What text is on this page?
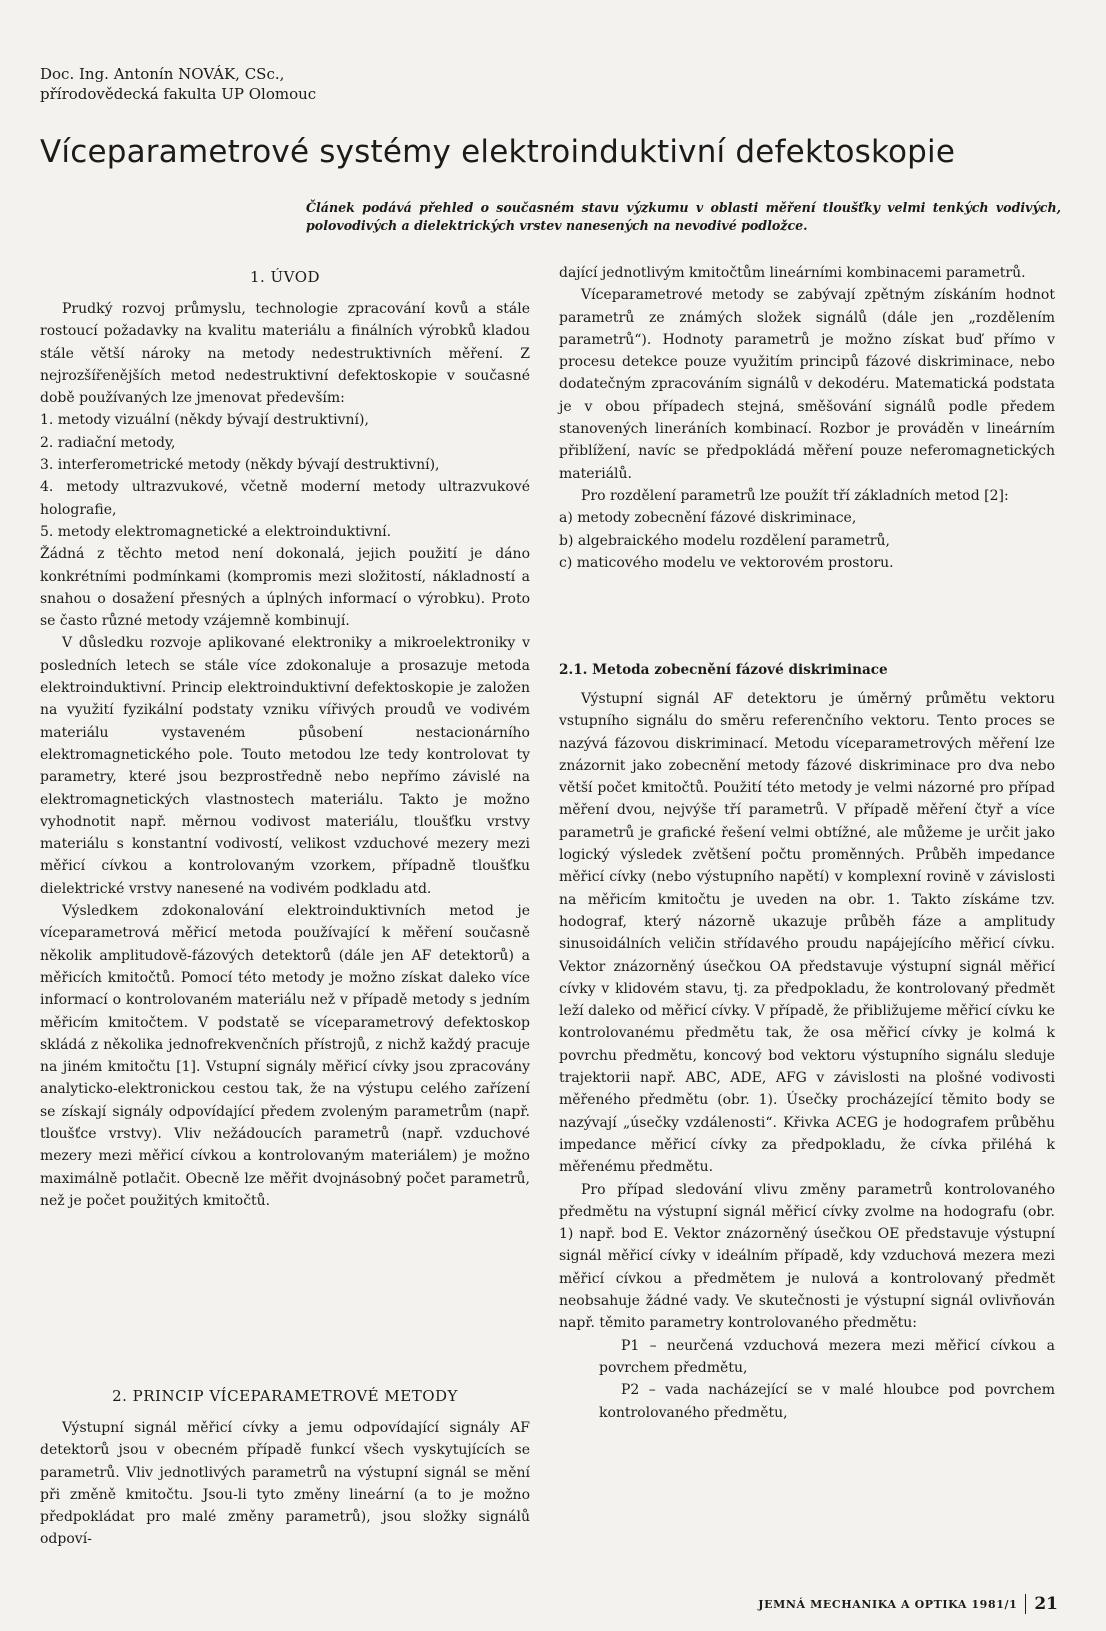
Doc. Ing. Antonín NOVÁK, CSc.,
přírodovědecká fakulta UP Olomouc
Víceparametrové systémy elektroinduktivní defektoskopie
Článek podává přehled o současném stavu výzkumu v oblasti měření tloušťky velmi tenkých vodivých, polovodivých a dielektrických vrstev nanesených na nevodivé podložce.
1. ÚVOD

Prudký rozvoj průmyslu, technologie zpracování kovů a stále rostoucí požadavky na kvalitu materiálu a finálních výrobků kladou stále větší nároky na metody nedestruktivních měření. Z nejrozšířenějších metod nedestruktivní defektoskopie v současné době používaných lze jmenovat především:

1. metody vizuální (někdy bývají destruktivní),

2. radiační metody,

3. interferometrické metody (někdy bývají destruktivní),

4. metody ultrazvukové, včetně moderní metody ultrazvukové holografie,

5. metody elektromagnetické a elektroinduktivní.

Žádná z těchto metod není dokonalá, jejich použití je dáno konkrétními podmínkami (kompromis mezi složitostí, nákladností a snahou o dosažení přesných a úplných informací o výrobku). Proto se často různé metody vzájemně kombinují.

V důsledku rozvoje aplikované elektroniky a mikroelektroniky v posledních letech se stále více zdokonaluje a prosazuje metoda elektroinduktivní. Princip elektroinduktivní defektoskopie je založen na využití fyzikální podstaty vzniku vířivých proudů ve vodivém materiálu vystaveném působení nestacionárního elektromagnetického pole. Touto metodou lze tedy kontrolovat ty parametry, které jsou bezprostředně nebo nepřímo závislé na elektromagnetických vlastnostech materiálu. Takto je možno vyhodnotit např. měrnou vodivost materiálu, tloušťku vrstvy materiálu s konstantní vodivostí, velikost vzduchové mezery mezi měřicí cívkou a kontrolovaným vzorkem, případně tloušťku dielektrické vrstvy nanesené na vodivém podkladu atd.

Výsledkem zdokonalování elektroinduktivních metod je víceparametrová měřicí metoda používající k měření současně několik amplitudově-fázových detektorů (dále jen AF detektorů) a měřicích kmitočtů. Pomocí této metody je možno získat daleko více informací o kontrolovaném materiálu než v případě metody s jedním měřicím kmitočtem. V podstatě se víceparametrový defektoskop skládá z několika jednofrekvenčních přístrojů, z nichž každý pracuje na jiném kmitočtu [1]. Vstupní signály měřicí cívky jsou zpracovány analyticko-elektronickou cestou tak, že na výstupu celého zařízení se získají signály odpovídající předem zvoleným parametrům (např. tloušťce vrstvy). Vliv nežádoucích parametrů (např. vzduchové mezery mezi měřicí cívkou a kontrolovaným materiálem) je možno maximálně potlačit. Obecně lze měřit dvojnásobný počet parametrů, než je počet použitých kmitočtů.

2. PRINCIP VÍCEPARAMETROVÉ METODY

Výstupní signál měřicí cívky a jemu odpovídající signály AF detektorů jsou v obecném případě funkcí všech vyskytujících se parametrů. Vliv jednotlivých parametrů na výstupní signál se mění při změně kmitočtu. Jsou-li tyto změny lineární (a to je možno předpokládat pro malé změny parametrů), jsou složky signálů odpoví-

dající jednotlivým kmitočtům lineárními kombinacemi parametrů.

Víceparametrové metody se zabývají zpětným získáním hodnot parametrů ze známých složek signálů (dále jen „rozdělením parametrů“). Hodnoty parametrů je možno získat buď přímo v procesu detekce pouze využitím principů fázové diskriminace, nebo dodatečným zpracováním signálů v dekodéru. Matematická podstata je v obou případech stejná, směšování signálů podle předem stanovených lineráních kombinací. Rozbor je prováděn v lineárním přiblížení, navíc se předpokládá měření pouze neferomagnetických materiálů.

Pro rozdělení parametrů lze použít tří základních metod [2]:

a) metody zobecnění fázové diskriminace,

b) algebraického modelu rozdělení parametrů,

c) maticového modelu ve vektorovém prostoru.

2.1. Metoda zobecnění fázové diskriminace

Výstupní signál AF detektoru je úměrný průmětu vektoru vstupního signálu do směru referenčního vektoru. Tento proces se nazývá fázovou diskriminací. Metodu víceparametrových měření lze znázornit jako zobecnění metody fázové diskriminace pro dva nebo větší počet kmitočtů. Použití této metody je velmi názorné pro případ měření dvou, nejvýše tří parametrů. V případě měření čtyř a více parametrů je grafické řešení velmi obtížné, ale můžeme je určit jako logický výsledek zvětšení počtu proměnných. Průběh impedance měřicí cívky (nebo výstupního napětí) v komplexní rovině v závislosti na měřicím kmitočtu je uveden na obr. 1. Takto získáme tzv. hodograf, který názorně ukazuje průběh fáze a amplitudy sinusoidálních veličin střídavého proudu napájejícího měřicí cívku. Vektor znázorněný úsečkou OA představuje výstupní signál měřicí cívky v klidovém stavu, tj. za předpokladu, že kontrolovaný předmět leží daleko od měřicí cívky. V případě, že přibližujeme měřicí cívku ke kontrolovanému předmětu tak, že osa měřicí cívky je kolmá k povrchu předmětu, koncový bod vektoru výstupního signálu sleduje trajektorii např. ABC, ADE, AFG v závislosti na plošné vodivosti měřeného předmětu (obr. 1). Úsečky procházející těmito body se nazývají „úsečky vzdálenosti“. Křivka ACEG je hodografem průběhu impedance měřicí cívky za předpokladu, že cívka přiléhá k měřenému předmětu.

Pro případ sledování vlivu změny parametrů kontrolovaného předmětu na výstupní signál měřicí cívky zvolme na hodografu (obr. 1) např. bod E. Vektor znázorněný úsečkou OE představuje výstupní signál měřicí cívky v ideálním případě, kdy vzduchová mezera mezi měřicí cívkou a předmětem je nulová a kontrolovaný předmět neobsahuje žádné vady. Ve skutečnosti je výstupní signál ovlivňován např. těmito parametry kontrolovaného předmětu:

P1 – neurčená vzduchová mezera mezi měřicí cívkou a povrchem předmětu,

P2 – vada nacházející se v malé hloubce pod povrchem kontrolovaného předmětu,

JEMNÁ MECHANIKA A OPTIKA 1981/1 21
